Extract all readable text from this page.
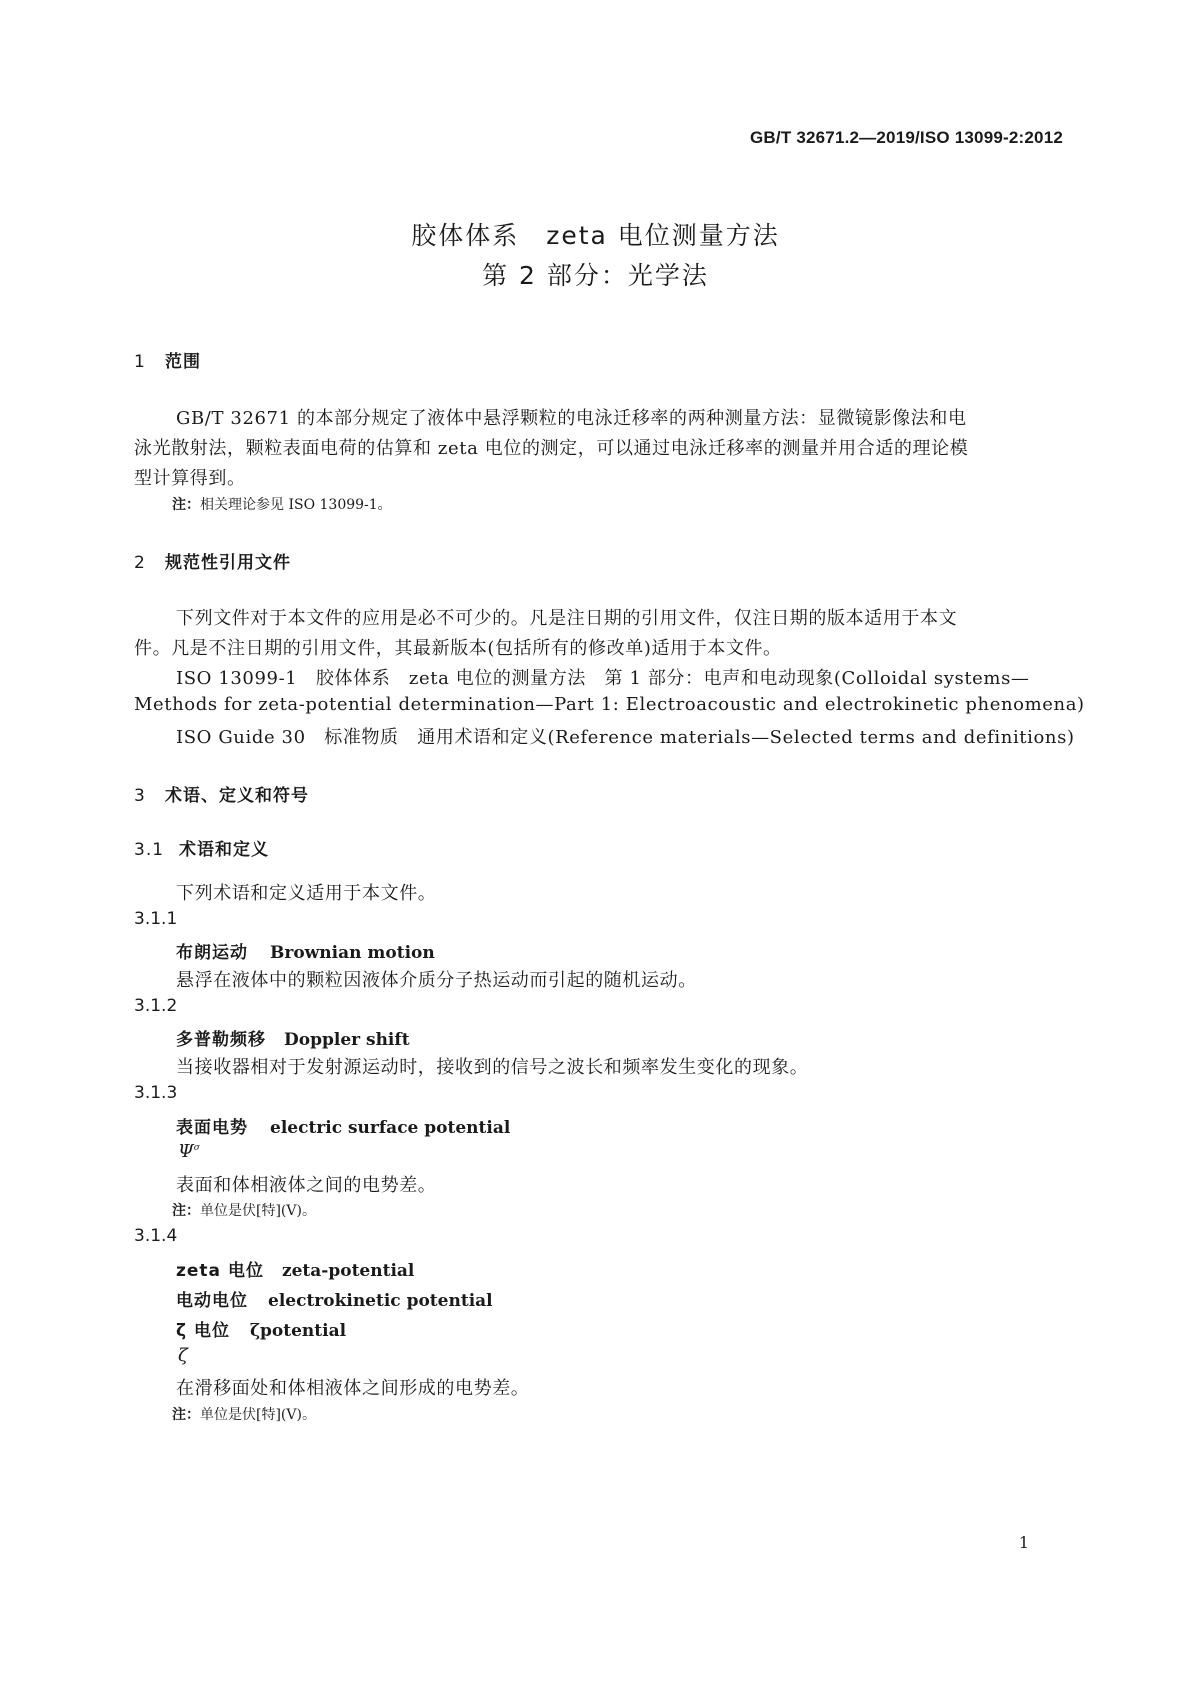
GB/T 32671.2—2019/ISO 13099-2:2012
胶体体系　zeta 电位测量方法
第 2 部分：光学法
1 范围
GB/T 32671 的本部分规定了液体中悬浮颗粒的电泳迁移率的两种测量方法：显微镜影像法和电
泳光散射法，颗粒表面电荷的估算和 zeta 电位的测定，可以通过电泳迁移率的测量并用合适的理论模
型计算得到。
注：相关理论参见 ISO 13099-1。
2 规范性引用文件
下列文件对于本文件的应用是必不可少的。凡是注日期的引用文件，仅注日期的版本适用于本文
件。凡是不注日期的引用文件，其最新版本(包括所有的修改单)适用于本文件。
ISO 13099-1　胶体体系　zeta 电位的测量方法　第 1 部分：电声和电动现象(Colloidal systems—
Methods for zeta-potential determination—Part 1: Electroacoustic and electrokinetic phenomena)
ISO Guide 30　标准物质　通用术语和定义(Reference materials—Selected terms and definitions)
3 术语、定义和符号
3.1 术语和定义
下列术语和定义适用于本文件。
3.1.1
布朗运动 Brownian motion
悬浮在液体中的颗粒因液体介质分子热运动而引起的随机运动。
3.1.2
多普勒频移 Doppler shift
当接收器相对于发射源运动时，接收到的信号之波长和频率发生变化的现象。
3.1.3
表面电势 electric surface potential
$\Psi^\sigma$
表面和体相液体之间的电势差。
注：单位是伏[特](V)。
3.1.4
zeta 电位 zeta-potential
电动电位 electrokinetic potential
ζ 电位 ζpotential
ζ
在滑移面处和体相液体之间形成的电势差。
注：单位是伏[特](V)。
1
